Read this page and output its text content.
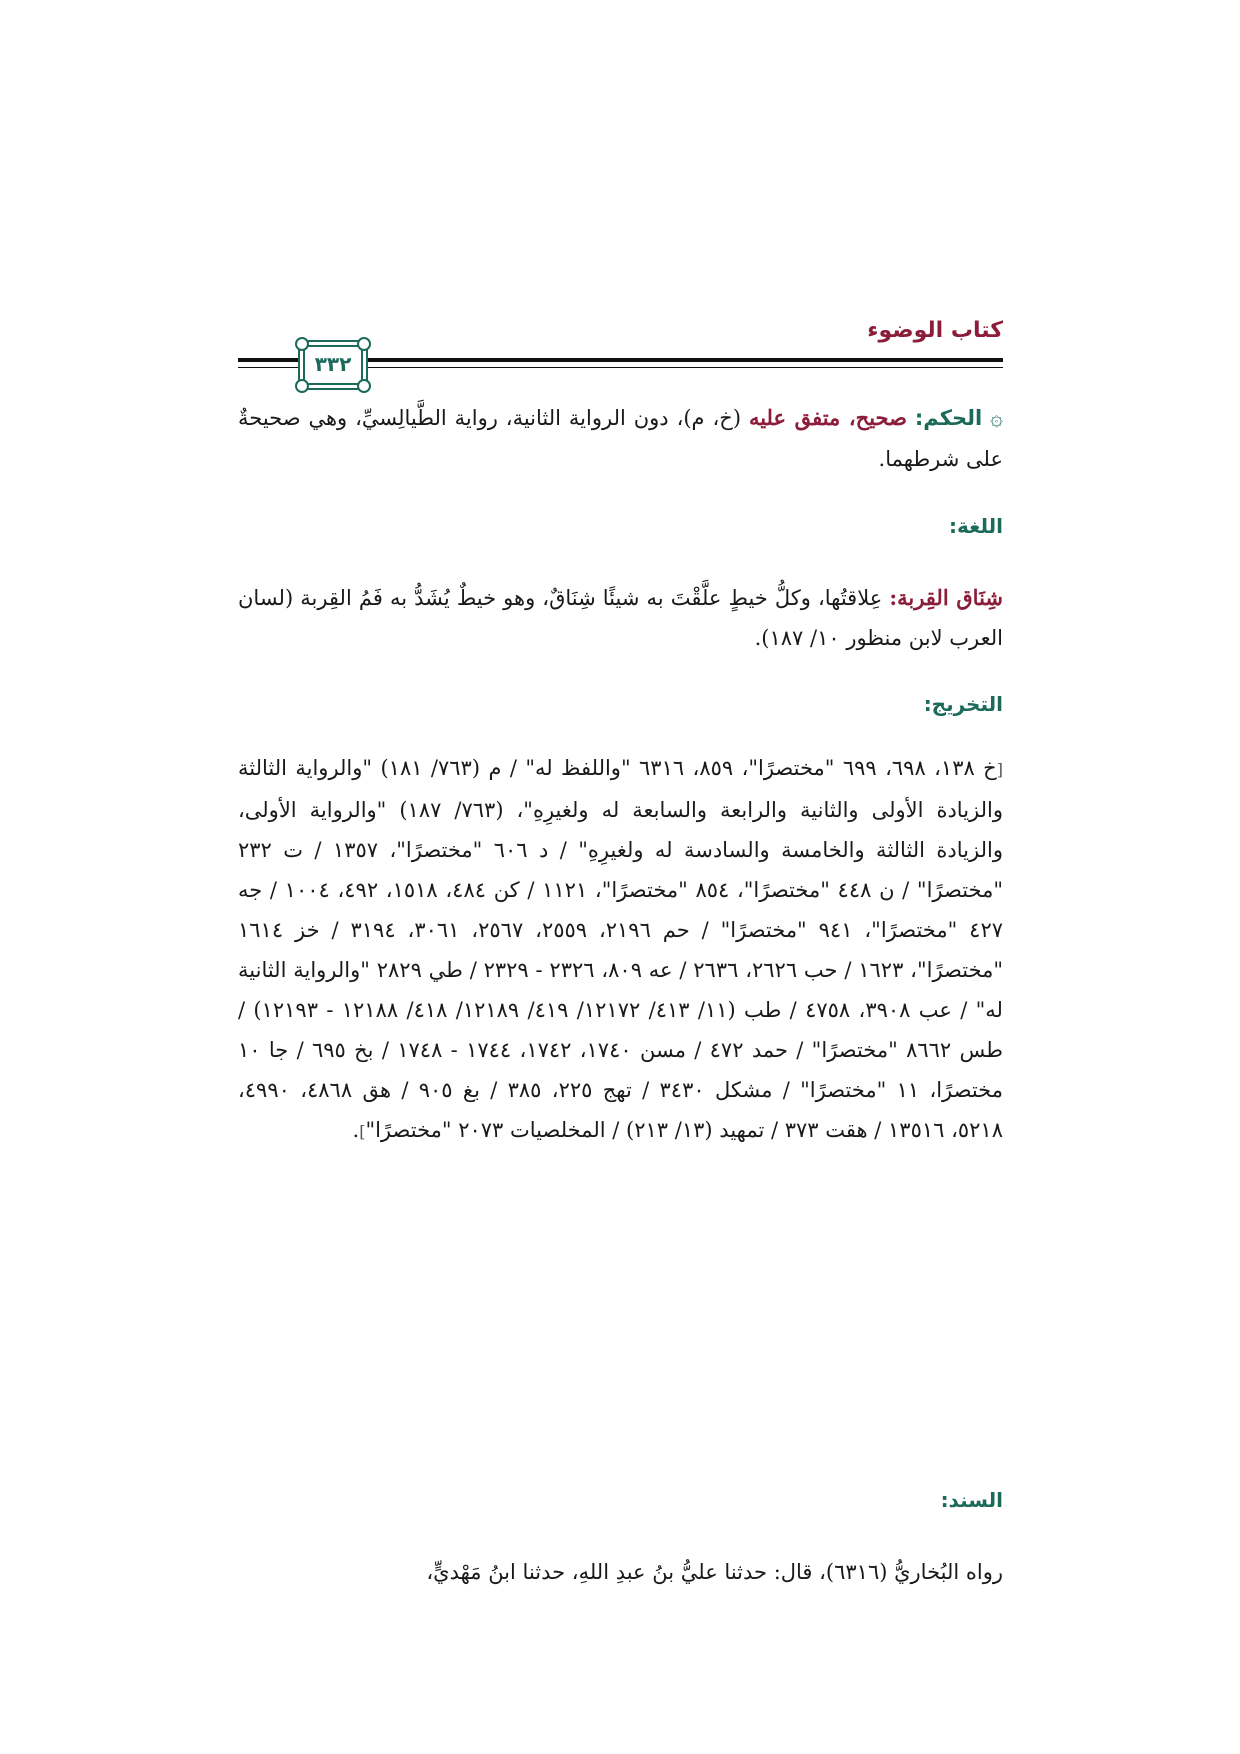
كتاب الوضوء
٣٣٢
۞ الحكم: صحيح، متفق عليه (خ، م)، دون الرواية الثانية، رواية الطَّيالِسيِّ، وهي صحيحةٌ على شرطهما.
اللغة:
شِنَاق القِربة: عِلاقتُها، وكلُّ خيطٍ علَّقْتَ به شيئًا شِنَاقٌ، وهو خيطٌ يُشَدُّ به فَمُ القِربة (لسان العرب لابن منظور ١٠/ ١٨٧).
التخريج:
[خ ١٣٨، ٦٩٨، ٦٩٩ "مختصرًا"، ٨٥٩، ٦٣١٦ "واللفظ له" / م (٧٦٣/ ١٨١) "والرواية الثالثة والزيادة الأولى والثانية والرابعة والسابعة له ولغيرِهِ"، (٧٦٣/ ١٨٧) "والرواية الأولى، والزيادة الثالثة والخامسة والسادسة له ولغيرِهِ" / د ٦٠٦ "مختصرًا"، ١٣٥٧ / ت ٢٣٢ "مختصرًا" / ن ٤٤٨ "مختصرًا"، ٨٥٤ "مختصرًا"، ١١٢١ / كن ٤٨٤، ١٥١٨، ٤٩٢، ١٠٠٤ / جه ٤٢٧ "مختصرًا"، ٩٤١ "مختصرًا" / حم ٢١٩٦، ٢٥٥٩، ٢٥٦٧، ٣٠٦١، ٣١٩٤ / خز ١٦١٤ "مختصرًا"، ١٦٢٣ / حب ٢٦٢٦، ٢٦٣٦ / عه ٨٠٩، ٢٣٢٦ - ٢٣٢٩ / طي ٢٨٢٩ "والرواية الثانية له" / عب ٣٩٠٨، ٤٧٥٨ / طب (١١/ ٤١٣/ ١٢١٧٢/ ٤١٩/ ١٢١٨٩/ ٤١٨/ ١٢١٨٨ - ١٢١٩٣) / طس ٨٦٦٢ "مختصرًا" / حمد ٤٧٢ / مسن ١٧٤٠، ١٧٤٢، ١٧٤٤ - ١٧٤٨ / بخ ٦٩٥ / جا ١٠ مختصرًا، ١١ "مختصرًا" / مشكل ٣٤٣٠ / تهج ٢٢٥، ٣٨٥ / بغ ٩٠٥ / هق ٤٨٦٨، ٤٩٩٠، ٥٢١٨، ١٣٥١٦ / هقت ٣٧٣ / تمهيد (١٣/ ٢١٣) / المخلصيات ٢٠٧٣ "مختصرًا"].
السند:
رواه البُخاريُّ (٦٣١٦)، قال: حدثنا عليُّ بنُ عبدِ اللهِ، حدثنا ابنُ مَهْديٍّ،
